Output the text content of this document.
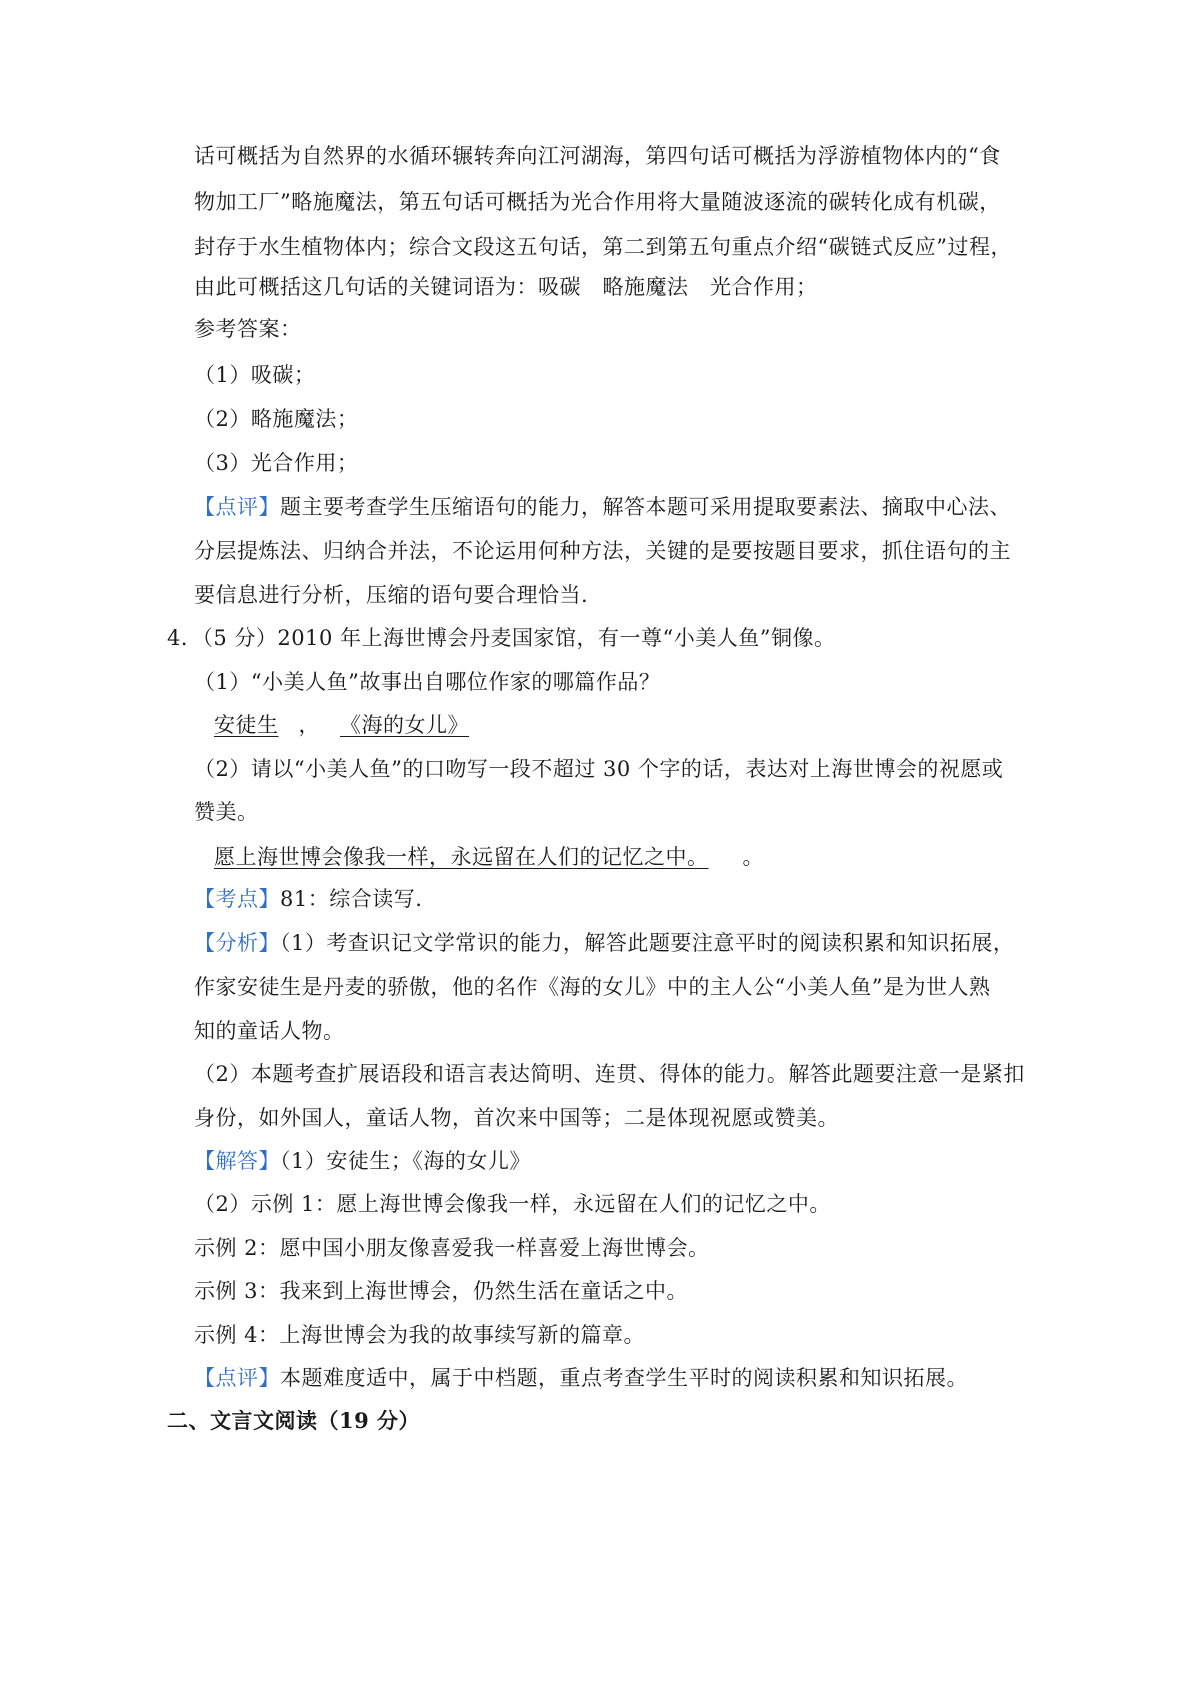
话可概括为自然界的水循环辗转奔向江河湖海，第四句话可概括为浮游植物体内的“食
物加工厂”略施魔法，第五句话可概括为光合作用将大量随波逐流的碳转化成有机碳，
封存于水生植物体内；综合文段这五句话，第二到第五句重点介绍“碳链式反应”过程，
由此可概括这几句话的关键词语为：吸碳　略施魔法　光合作用；
参考答案：
（1）吸碳；
（2）略施魔法；
（3）光合作用；
【点评】题主要考查学生压缩语句的能力，解答本题可采用提取要素法、摘取中心法、
分层提炼法、归纳合并法，不论运用何种方法，关键的是要按题目要求，抓住语句的主
要信息进行分析，压缩的语句要合理恰当.
4．（5 分）2010 年上海世博会丹麦国家馆，有一尊“小美人鱼”铜像。
（1）“小美人鱼”故事出自哪位作家的哪篇作品？
安徒生 ， 《海的女儿》
（2）请以“小美人鱼”的口吻写一段不超过 30 个字的话，表达对上海世博会的祝愿或
赞美。
愿上海世博会像我一样，永远留在人们的记忆之中。 。
【考点】81：综合读写.
【分析】（1）考查识记文学常识的能力，解答此题要注意平时的阅读积累和知识拓展，
作家安徒生是丹麦的骄傲，他的名作《海的女儿》中的主人公“小美人鱼”是为世人熟
知的童话人物。
（2）本题考查扩展语段和语言表达简明、连贯、得体的能力。解答此题要注意一是紧扣
身份，如外国人，童话人物，首次来中国等；二是体现祝愿或赞美。
【解答】（1）安徒生；《海的女儿》
（2）示例 1：愿上海世博会像我一样，永远留在人们的记忆之中。
示例 2：愿中国小朋友像喜爱我一样喜爱上海世博会。
示例 3：我来到上海世博会，仍然生活在童话之中。
示例 4：上海世博会为我的故事续写新的篇章。
【点评】本题难度适中，属于中档题，重点考查学生平时的阅读积累和知识拓展。
二、文言文阅读（19 分）
